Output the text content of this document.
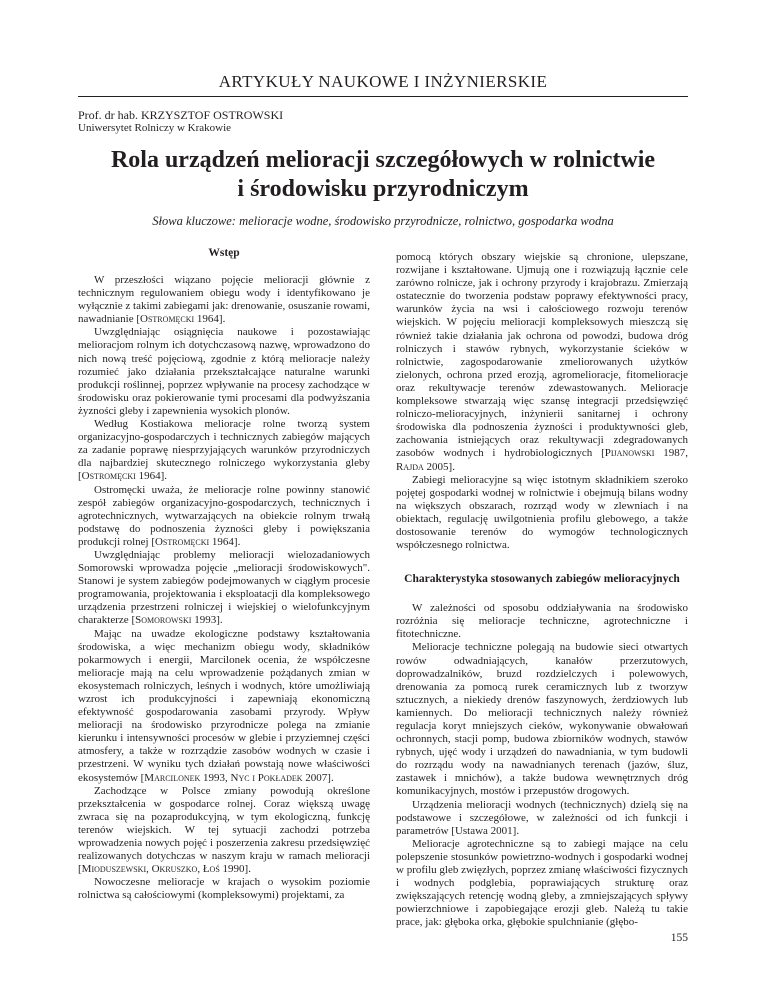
ARTYKUŁY NAUKOWE I INŻYNIERSKIE
Prof. dr hab. KRZYSZTOF OSTROWSKI
Uniwersytet Rolniczy w Krakowie
Rola urządzeń melioracji szczegółowych w rolnictwie
i środowisku przyrodniczym
Słowa kluczowe: melioracje wodne, środowisko przyrodnicze, rolnictwo, gospodarka wodna
Wstęp

W przeszłości wiązano pojęcie melioracji głównie z technicznym regulowaniem obiegu wody i identyfikowano je wyłącznie z takimi zabiegami jak: drenowanie, osuszanie rowami, nawadnianie [Ostromęcki 1964].

Uwzględniając osiągnięcia naukowe i pozostawiając melioracjom rolnym ich dotychczasową nazwę, wprowadzono do nich nową treść pojęciową, zgodnie z którą melioracje należy rozumieć jako działania przekształcające naturalne warunki produkcji roślinnej, poprzez wpływanie na procesy zachodzące w środowisku oraz pokierowanie tymi procesami dla podwyższania żyzności gleby i zapewnienia wysokich plonów.

Według Kostiakowa melioracje rolne tworzą system organizacyjno-gospodarczych i technicznych zabiegów mających za zadanie poprawę niesprzyjających warunków przyrodniczych dla najbardziej skutecznego rolniczego wykorzystania gleby [Ostromęcki 1964].

Ostromęcki uważa, że melioracje rolne powinny stanowić zespół zabiegów organizacyjno-gospodarczych, technicznych i agrotechnicznych, wytwarzających na obiekcie rolnym trwałą podstawę do podnoszenia żyzności gleby i powiększania produkcji rolnej [Ostromęcki 1964].

Uwzględniając problemy melioracji wielozadaniowych Somorowski wprowadza pojęcie „melioracji środowiskowych". Stanowi je system zabiegów podejmowanych w ciągłym procesie programowania, projektowania i eksploatacji dla kompleksowego urządzenia przestrzeni rolniczej i wiejskiej o wielofunkcyjnym charakterze [Somorowski 1993].

Mając na uwadze ekologiczne podstawy kształtowania środowiska, a więc mechanizm obiegu wody, składników pokarmowych i energii, Marcilonek ocenia, że współczesne melioracje mają na celu wprowadzenie pożądanych zmian w ekosystemach rolniczych, leśnych i wodnych, które umożliwiają wzrost ich produkcyjności i zapewniają ekonomiczną efektywność gospodarowania zasobami przyrody. Wpływ melioracji na środowisko przyrodnicze polega na zmianie kierunku i intensywności procesów w glebie i przyziemnej części atmosfery, a także w rozrządzie zasobów wodnych w czasie i przestrzeni. W wyniku tych działań powstają nowe właściwości ekosystemów [Marcilonek 1993, Nyc i Pokładek 2007].

Zachodzące w Polsce zmiany powodują określone przekształcenia w gospodarce rolnej. Coraz większą uwagę zwraca się na pozaprodukcyjną, w tym ekologiczną, funkcję terenów wiejskich. W tej sytuacji zachodzi potrzeba wprowadzenia nowych pojęć i poszerzenia zakresu przedsięwzięć realizowanych dotychczas w naszym kraju w ramach melioracji [Mioduszewski, Okruszko, Łoś 1990].

Nowoczesne melioracje w krajach o wysokim poziomie rolnictwa są całościowymi (kompleksowymi) projektami, za

pomocą których obszary wiejskie są chronione, ulepszane, rozwijane i kształtowane. Ujmują one i rozwiązują łącznie cele zarówno rolnicze, jak i ochrony przyrody i krajobrazu. Zmierzają ostatecznie do tworzenia podstaw poprawy efektywności pracy, warunków życia na wsi i całościowego rozwoju terenów wiejskich. W pojęciu melioracji kompleksowych mieszczą się również takie działania jak ochrona od powodzi, budowa dróg rolniczych i stawów rybnych, wykorzystanie ścieków w rolnictwie, zagospodarowanie zmeliorowanych użytków zielonych, ochrona przed erozją, agromelioracje, fitomelioracje oraz rekultywacje terenów zdewastowanych. Melioracje kompleksowe stwarzają więc szansę integracji przedsięwzięć rolniczo-melioracyjnych, inżynierii sanitarnej i ochrony środowiska dla podnoszenia żyzności i produktywności gleb, zachowania istniejących oraz rekultywacji zdegradowanych zasobów wodnych i hydrobiologicznych [Pijanowski 1987, Rajda 2005].

Zabiegi melioracyjne są więc istotnym składnikiem szeroko pojętej gospodarki wodnej w rolnictwie i obejmują bilans wodny na większych obszarach, rozrząd wody w zlewniach i na obiektach, regulację uwilgotnienia profilu glebowego, a także dostosowanie terenów do wymogów technologicznych współczesnego rolnictwa.

Charakterystyka stosowanych zabiegów melioracyjnych

W zależności od sposobu oddziaływania na środowisko rozróżnia się melioracje techniczne, agrotechniczne i fitotechniczne.

Melioracje techniczne polegają na budowie sieci otwartych rowów odwadniających, kanałów przerzutowych, doprowadzalników, bruzd rozdzielczych i polewowych, drenowania za pomocą rurek ceramicznych lub z tworzyw sztucznych, a niekiedy drenów faszynowych, żerdziowych lub kamiennych. Do melioracji technicznych należy również regulacja koryt mniejszych cieków, wykonywanie obwałowań ochronnych, stacji pomp, budowa zbiorników wodnych, stawów rybnych, ujęć wody i urządzeń do nawadniania, w tym budowli do rozrządu wody na nawadnianych terenach (jazów, śluz, zastawek i mnichów), a także budowa wewnętrznych dróg komunikacyjnych, mostów i przepustów drogowych.

Urządzenia melioracji wodnych (technicznych) dzielą się na podstawowe i szczegółowe, w zależności od ich funkcji i parametrów [Ustawa 2001].

Melioracje agrotechniczne są to zabiegi mające na celu polepszenie stosunków powietrzno-wodnych i gospodarki wodnej w profilu gleb zwięzłych, poprzez zmianę właściwości fizycznych i wodnych podglebia, poprawiających strukturę oraz zwiększających retencję wodną gleby, a zmniejszających spływy powierzchniowe i zapobiegające erozji gleb. Należą tu takie prace, jak: głęboka orka, głębokie spulchnianie (głębo-

155
